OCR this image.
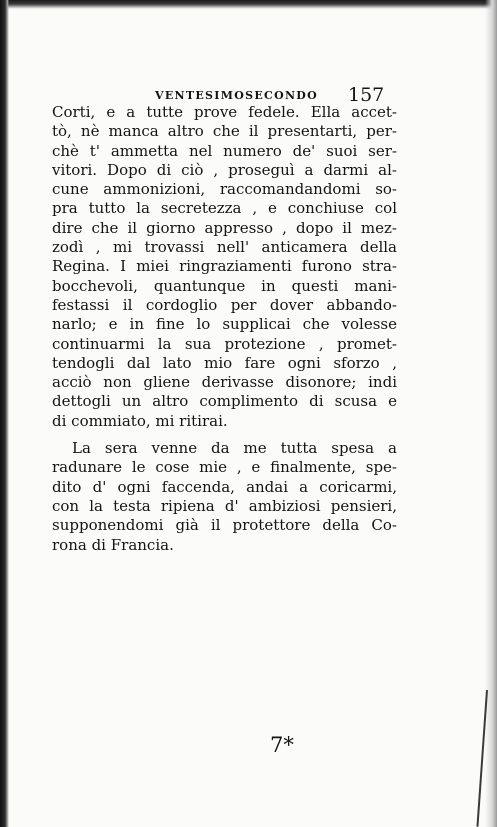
VENTESIMOSECONDO 157
Corti, e a tutte prove fedele. Ella accet-
tò, nè manca altro che il presentarti, per-
chè t' ammetta nel numero de' suoi ser-
vitori. Dopo di ciò , proseguì a darmi al-
cune ammonizioni, raccomandandomi so-
pra tutto la secretezza , e conchiuse col
dire che il giorno appresso , dopo il mez-
zodì , mi trovassi nell' anticamera della
Regina. I miei ringraziamenti furono stra-
bocchevoli, quantunque in questi mani-
festassi il cordoglio per dover abbando-
narlo; e in fine lo supplicai che volesse
continuarmi la sua protezione , promet-
tendogli dal lato mio fare ogni sforzo ,
acciò non gliene derivasse disonore; indi
dettogli un altro complimento di scusa e
di commiato, mi ritirai.
La sera venne da me tutta spesa a
radunare le cose mie , e finalmente, spe-
dito d' ogni faccenda, andai a coricarmi,
con la testa ripiena d' ambiziosi pensieri,
supponendomi già il protettore della Co-
rona di Francia.
7*
